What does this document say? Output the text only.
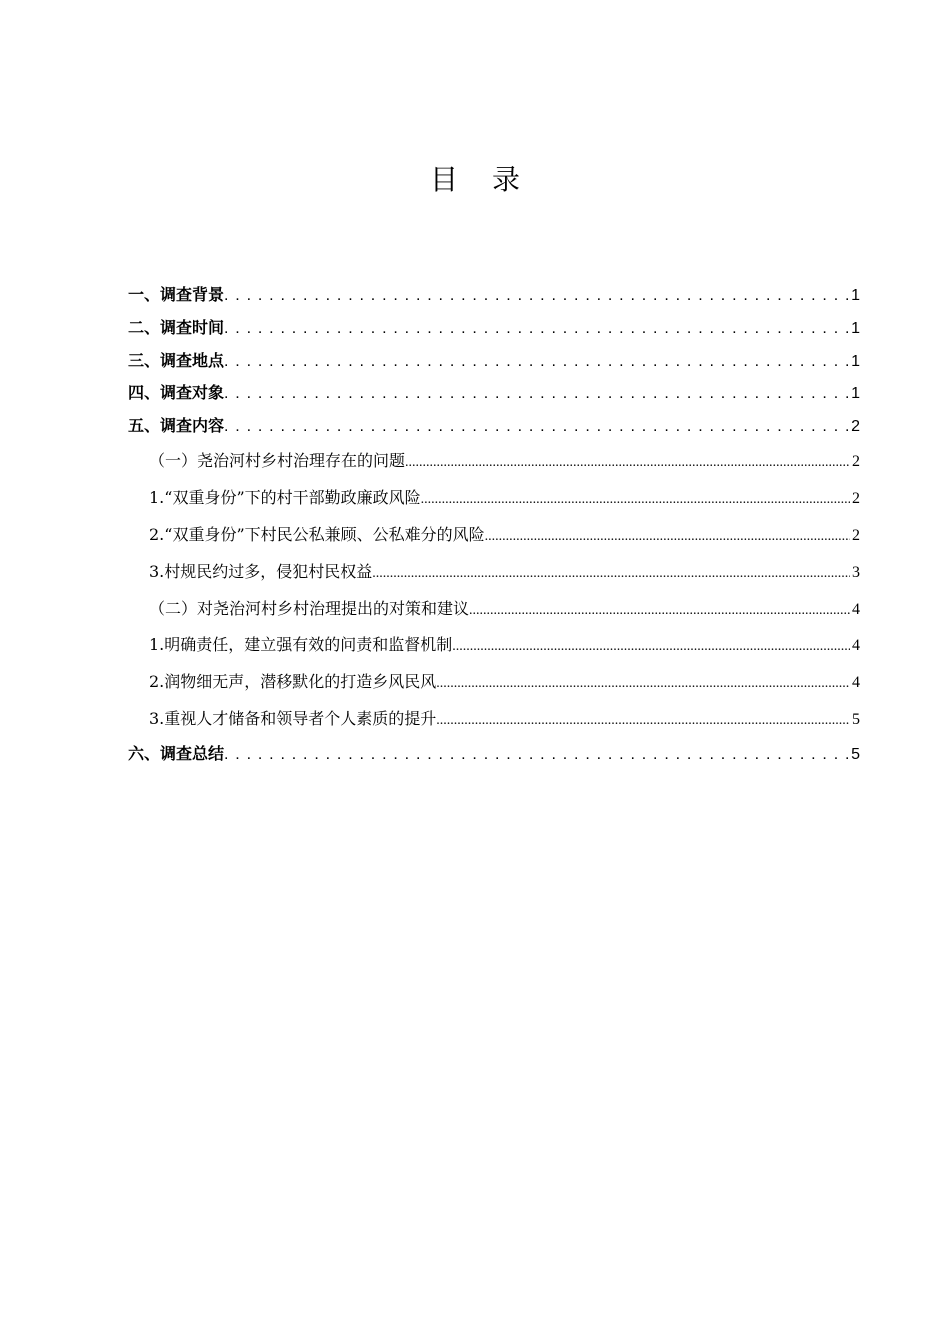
目录
一、调查背景 . . .	1
二、调查时间 . . .	1
三、调查地点 . . .	1
四、调查对象 . . .	1
五、调查内容 . . .	2
（一）尧治河村乡村治理存在的问题 .....	2
1.“双重身份”下的村干部勤政廉政风险 .....	2
2.“双重身份”下村民公私兼顾、公私难分的风险 .....	2
3.村规民约过多，侵犯村民权益 .....	3
（二）对尧治河村乡村治理提出的对策和建议 .....	4
1.明确责任，建立强有效的问责和监督机制 .....	4
2.润物细无声，潜移默化的打造乡风民风 .....	4
3.重视人才储备和领导者个人素质的提升 .....	5
六、调查总结 . . .	5
